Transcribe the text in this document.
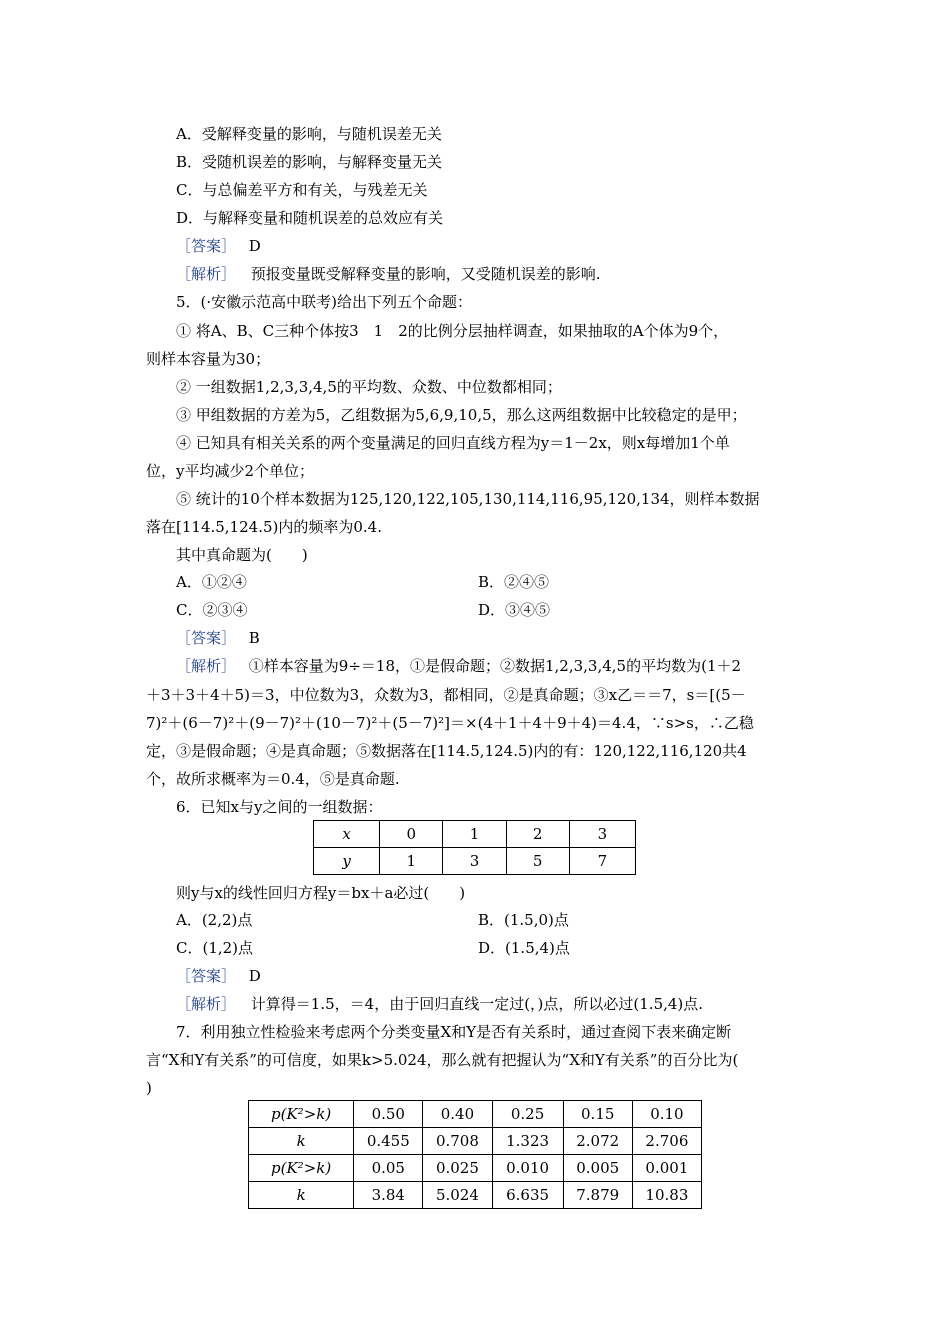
A．受解释变量的影响，与随机误差无关
B．受随机误差的影响，与解释变量无关
C．与总偏差平方和有关，与残差无关
D．与解释变量和随机误差的总效应有关
［答案］ D
［解析］ 预报变量既受解释变量的影响，又受随机误差的影响.
5．(·安徽示范高中联考)给出下列五个命题：
① 将A、B、C三种个体按3　1　2的比例分层抽样调查，如果抽取的A个体为9个，
则样本容量为30；
② 一组数据1,2,3,3,4,5的平均数、众数、中位数都相同；
③ 甲组数据的方差为5，乙组数据为5,6,9,10,5，那么这两组数据中比较稳定的是甲；
④ 已知具有相关关系的两个变量满足的回归直线方程为y＝1－2x，则x每增加1个单
位，y平均减少2个单位；
⑤ 统计的10个样本数据为125,120,122,105,130,114,116,95,120,134，则样本数据
落在[114.5,124.5)内的频率为0.4.
其中真命题为(　　)
A．①②④	B．②④⑤
C．②③④	D．③④⑤
［答案］ B
［解析］ ①样本容量为9÷＝18，①是假命题；②数据1,2,3,3,4,5的平均数为(1＋2
＋3＋3＋4＋5)＝3，中位数为3，众数为3，都相同，②是真命题；③x乙＝＝7，s＝[(5－
7)²＋(6－7)²＋(9－7)²＋(10－7)²＋(5－7)²]＝×(4＋1＋4＋9＋4)＝4.4，∵s>s，∴乙稳
定，③是假命题；④是真命题；⑤数据落在[114.5,124.5)内的有：120,122,116,120共4
个，故所求概率为＝0.4，⑤是真命题.
6．已知x与y之间的一组数据：
x	0	1	2	3
y	1	3	5	7
则y与x的线性回归方程y＝bx＋a必过(　　)
A．(2,2)点	B．(1.5,0)点
C．(1,2)点	D．(1.5,4)点
［答案］ D
［解析］ 计算得＝1.5，＝4，由于回归直线一定过(，)点，所以必过(1.5,4)点.
7．利用独立性检验来考虑两个分类变量X和Y是否有关系时，通过查阅下表来确定断
言“X和Y有关系”的可信度，如果k>5.024，那么就有把握认为“X和Y有关系”的百分比为(
)
p(K²>k)	0.50	0.40	0.25	0.15	0.10
k	0.455	0.708	1.323	2.072	2.706
p(K²>k)	0.05	0.025	0.010	0.005	0.001
k	3.84	5.024	6.635	7.879	10.83
